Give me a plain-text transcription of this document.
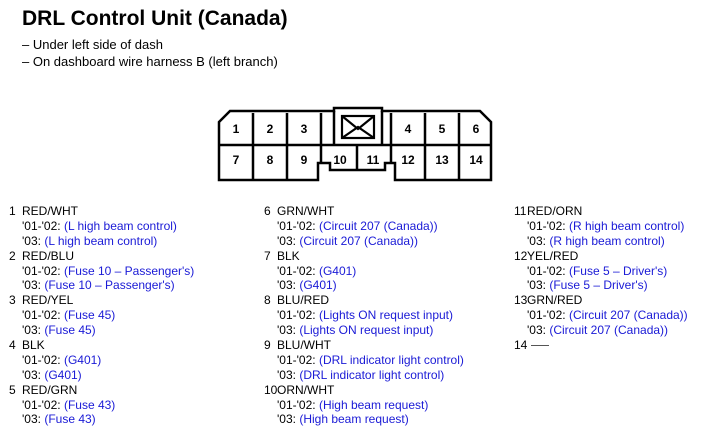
DRL Control Unit (Canada)
– Under left side of dash
– On dashboard wire harness B (left branch)
1 2 3	4 5 6
7 8 9 10 11 12 13 14
1 RED/WHT
'01-'02: (L high beam control)
'03: (L high beam control)
2 RED/BLU
'01-'02: (Fuse 10 – Passenger's)
'03: (Fuse 10 – Passenger's)
3 RED/YEL
'01-'02: (Fuse 45)
'03: (Fuse 45)
4 BLK
'01-'02: (G401)
'03: (G401)
5 RED/GRN
'01-'02: (Fuse 43)
'03: (Fuse 43)
6 GRN/WHT
'01-'02: (Circuit 207 (Canada))
'03: (Circuit 207 (Canada))
7 BLK
'01-'02: (G401)
'03: (G401)
8 BLU/RED
'01-'02: (Lights ON request input)
'03: (Lights ON request input)
9 BLU/WHT
'01-'02: (DRL indicator light control)
'03: (DRL indicator light control)
10ORN/WHT
'01-'02: (High beam request)
'03: (High beam request)
11RED/ORN
'01-'02: (R high beam control)
'03: (R high beam control)
12YEL/RED
'01-'02: (Fuse 5 – Driver's)
'03: (Fuse 5 – Driver's)
13GRN/RED
'01-'02: (Circuit 207 (Canada))
'03: (Circuit 207 (Canada))
14
